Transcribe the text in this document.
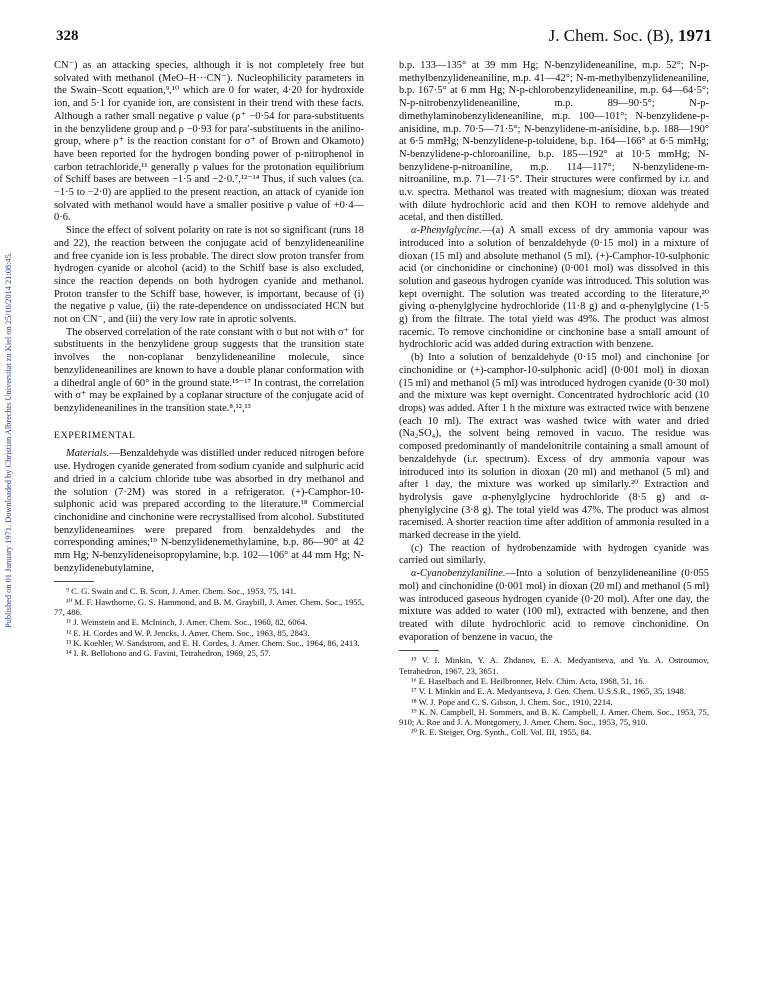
Published on 01 January 1971. Downloaded by Christian Albrechts Universitat zu Kiel on 25/10/2014 21:08:45.
328	J. Chem. Soc. (B), 1971

CN⁻) as an attacking species, although it is not completely free but solvated with methanol (MeO–H···CN⁻). Nucleophilicity parameters in the Swain–Scott equation,⁹,¹⁰ which are 0 for water, 4·20 for hydroxide ion, and 5·1 for cyanide ion, are consistent in their trend with these facts. Although a rather small negative ρ value (ρ⁺ −0·54 for para-substituents in the benzylidene group and ρ −0·93 for para′-substituents in the anilino-group, where ρ⁺ is the reaction constant for σ⁺ of Brown and Okamoto) have been reported for the hydrogen bonding power of p-nitrophenol in carbon tetrachloride,¹¹ generally ρ values for the protonation equilibrium of Schiff bases are between −1·5 and −2·0.⁷,¹²⁻¹⁴ Thus, if such values (ca. −1·5 to −2·0) are applied to the present reaction, an attack of cyanide ion solvated with methanol would have a smaller positive ρ value of +0·4—0·6.

Since the effect of solvent polarity on rate is not so significant (runs 18 and 22), the reaction between the conjugate acid of benzylideneaniline and free cyanide ion is less probable. The direct slow proton transfer from hydrogen cyanide or alcohol (acid) to the Schiff base is also excluded, since the reaction depends on both hydrogen cyanide and methanol. Proton transfer to the Schiff base, however, is important, because of (i) the negative ρ value, (ii) the rate-dependence on undissociated HCN but not on CN⁻, and (iii) the very low rate in aprotic solvents.

The observed correlation of the rate constant with σ but not with σ⁺ for substituents in the benzylidene group suggests that the transition state involves the non-coplanar benzylideneaniline molecule, since benzylideneanilines are known to have a double planar conformation with a dihedral angle of 60° in the ground state.¹⁵⁻¹⁷ In contrast, the correlation with σ⁺ may be explained by a coplanar structure of the conjugate acid of benzylideneanilines in the transition state.⁸,¹²,¹³

EXPERIMENTAL

Materials.—Benzaldehyde was distilled under reduced nitrogen before use. Hydrogen cyanide generated from sodium cyanide and sulphuric acid and dried in a calcium chloride tube was absorbed in dry methanol and the solution (7·2M) was stored in a refrigerator. (+)-Camphor-10-sulphonic acid was prepared according to the literature.¹⁸ Commercial cinchonidine and cinchonine were recrystallised from alcohol. Substituted benzylideneamines were prepared from benzaldehydes and the corresponding amines;¹⁹ N-benzylidenemethylamine, b.p. 86—90° at 42 mm Hg; N-benzylideneisopropylamine, b.p. 102—106° at 44 mm Hg; N-benzylidenebutylamine,

⁹ C. G. Swain and C. B. Scott, J. Amer. Chem. Soc., 1953, 75, 141.
¹⁰ M. F. Hawthorne, G. S. Hammond, and B. M. Graybill, J. Amer. Chem. Soc., 1955, 77, 486.
¹¹ J. Weinstein and E. McIninch, J. Amer. Chem. Soc., 1960, 82, 6064.
¹² E. H. Cordes and W. P. Jencks, J. Amer. Chem. Soc., 1963, 85, 2843.
¹³ K. Koehler, W. Sandstrom, and E. H. Cordes, J. Amer. Chem. Soc., 1964, 86, 2413.
¹⁴ I. R. Bellobono and G. Favini, Tetrahedron, 1969, 25, 57.

b.p. 133—135° at 39 mm Hg; N-benzylideneaniline, m.p. 52°; N-p-methylbenzylideneaniline, m.p. 41—42°; N-m-methylbenzylideneaniline, b.p. 167·5° at 6 mm Hg; N-p-chlorobenzylideneaniline, m.p. 64—64·5°; N-p-nitrobenzylideneaniline, m.p. 89—90·5°; N-p-dimethylaminobenzylideneaniline, m.p. 100—101°; N-benzylidene-p-anisidine, m.p. 70·5—71·5°; N-benzylidene-m-anisidine, b.p. 188—190° at 6·5 mmHg; N-benzylidene-p-toluidene, b.p. 164—166° at 6·5 mmHg; N-benzylidene-p-chloroaniline, b.p. 185—192° at 10·5 mmHg; N-benzylidene-p-nitroaniline, m.p. 114—117°; N-benzylidene-m-nitroaniline, m.p. 71—71·5°. Their structures were confirmed by i.r. and u.v. spectra. Methanol was treated with magnesium; dioxan was treated with dilute hydrochloric acid and then KOH to remove aldehyde and acetal, and then distilled.

α-Phenylglycine.—(a) A small excess of dry ammonia vapour was introduced into a solution of benzaldehyde (0·15 mol) in a mixture of dioxan (15 ml) and absolute methanol (5 ml). (+)-Camphor-10-sulphonic acid (or cinchonidine or cinchonine) (0·001 mol) was dissolved in this solution and gaseous hydrogen cyanide was introduced. This solution was kept overnight. The solution was treated according to the literature,²⁰ giving α-phenylglycine hydrochloride (11·8 g) and α-phenylglycine (1·5 g) from the filtrate. The total yield was 49%. The product was almost racemic. To remove cinchonidine or cinchonine base a small amount of hydrochloric acid was added during extraction with benzene.

(b) Into a solution of benzaldehyde (0·15 mol) and cinchonine [or cinchonidine or (+)-camphor-10-sulphonic acid] (0·001 mol) in dioxan (15 ml) and methanol (5 ml) was introduced hydrogen cyanide (0·30 mol) and the mixture was kept overnight. Concentrated hydrochloric acid (10 drops) was added. After 1 h the mixture was extracted twice with benzene (each 10 ml). The extract was washed twice with water and dried (Na₂SO₄), the solvent being removed in vacuo. The residue was composed predominantly of mandelonitrile containing a small amount of benzaldehyde (i.r. spectrum). Excess of dry ammonia vapour was introduced into its solution in dioxan (20 ml) and methanol (5 ml) and after 1 day, the mixture was worked up similarly.²⁰ Extraction and hydrolysis gave α-phenylglycine hydrochloride (8·5 g) and α-phenylglycine (3·8 g). The total yield was 47%. The product was almost racemised. A shorter reaction time after addition of ammonia resulted in a marked decrease in the yield.

(c) The reaction of hydrobenzamide with hydrogen cyanide was carried out similarly.

α-Cyanobenzylaniline.—Into a solution of benzylideneaniline (0·055 mol) and cinchonidine (0·001 mol) in dioxan (20 ml) and methanol (5 ml) was introduced gaseous hydrogen cyanide (0·20 mol). After one day, the mixture was added to water (100 ml), extracted with benzene, and then treated with dilute hydrochloric acid to remove cinchonidine. On evaporation of benzene in vacuo, the

¹⁵ V. I. Minkin, Y. A. Zhdanov, E. A. Medyantseva, and Yu. A. Ostroumov, Tetrahedron, 1967, 23, 3651.
¹⁶ E. Haselbach and E. Heilbronner, Helv. Chim. Acta, 1968, 51, 16.
¹⁷ V. I. Minkin and E. A. Medyantseva, J. Gen. Chem. U.S.S.R., 1965, 35, 1948.
¹⁸ W. J. Pope and C. S. Gibson, J. Chem. Soc., 1910, 2214.
¹⁹ K. N. Campbell, H. Sommers, and B. K. Campbell, J. Amer. Chem. Soc., 1953, 75, 910; A. Roe and J. A. Montgomery, J. Amer. Chem. Soc., 1953, 75, 910.
²⁰ R. E. Steiger, Org. Synth., Coll. Vol. III, 1955, 84.
